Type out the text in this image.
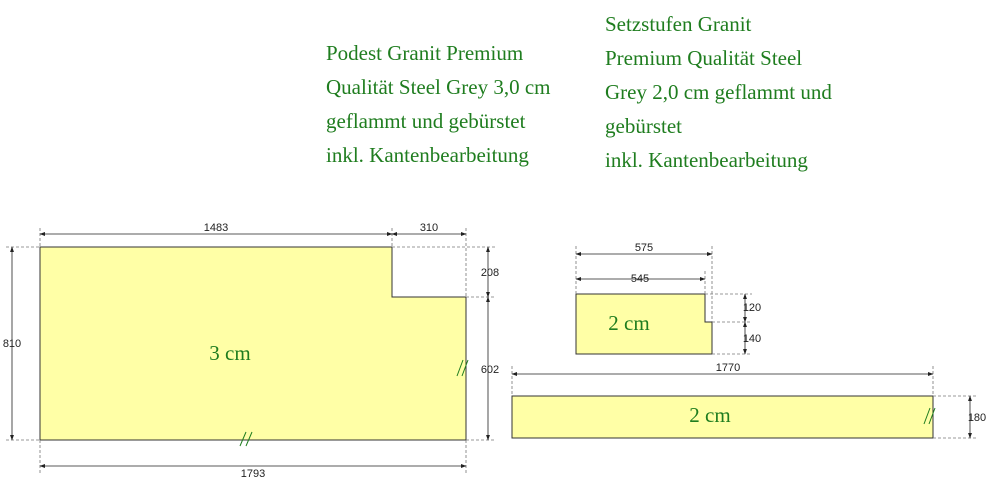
Podest Granit Premium
Qualität Steel Grey 3,0 cm
geflammt und gebürstet
inkl. Kantenbearbeitung
Setzstufen Granit
Premium Qualität Steel
Grey 2,0 cm geflammt und
gebürstet
inkl. Kantenbearbeitung
1483	310
208
602
810
1793
3 cm
575
545
120
140
2 cm
1770
180
2 cm
